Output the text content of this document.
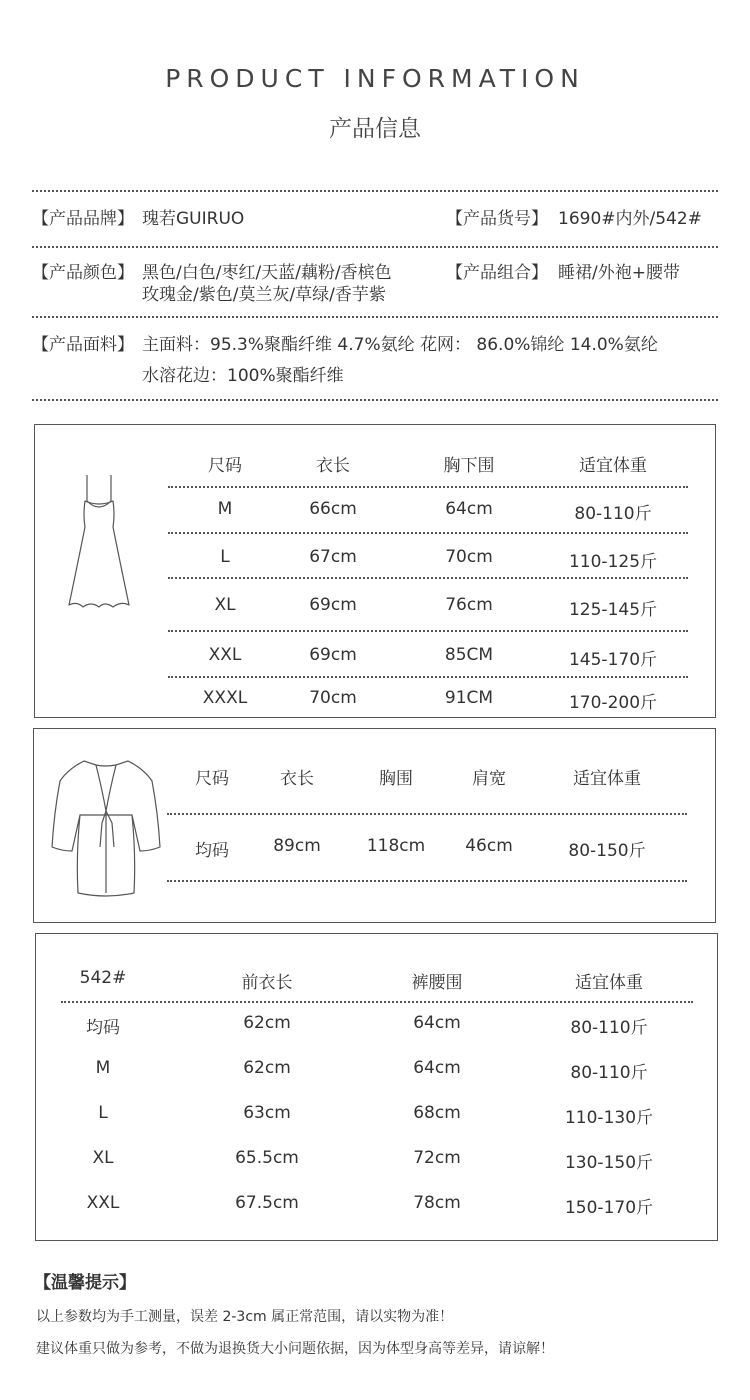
PRODUCT INFORMATION
产品信息
【产品品牌】 瑰若GUIRUO	【产品货号】 1690#内外/542#
【产品颜色】 黑色/白色/枣红/天蓝/藕粉/香槟色
玫瑰金/紫色/莫兰灰/草绿/香芋紫
【产品组合】 睡裙/外袍+腰带
【产品面料】 主面料：95.3%聚酯纤维 4.7%氨纶 花网： 86.0%锦纶 14.0%氨纶
水溶花边：100%聚酯纤维
尺码	衣长	胸下围	适宜体重
M	66cm	64cm	80-110斤
L	67cm	70cm	110-125斤
XL	69cm	76cm	125-145斤
XXL	69cm	85CM	145-170斤
XXXL	70cm	91CM	170-200斤
尺码	衣长	胸围	肩宽	适宜体重
均码	89cm	118cm	46cm	80-150斤
542#	前衣长	裤腰围	适宜体重
均码	62cm	64cm	80-110斤
M	62cm	64cm	80-110斤
L	63cm	68cm	110-130斤
XL	65.5cm	72cm	130-150斤
XXL	67.5cm	78cm	150-170斤
【温馨提示】
以上参数均为手工测量，误差 2-3cm 属正常范围，请以实物为准！
建议体重只做为参考，不做为退换货大小问题依据，因为体型身高等差异，请谅解！
